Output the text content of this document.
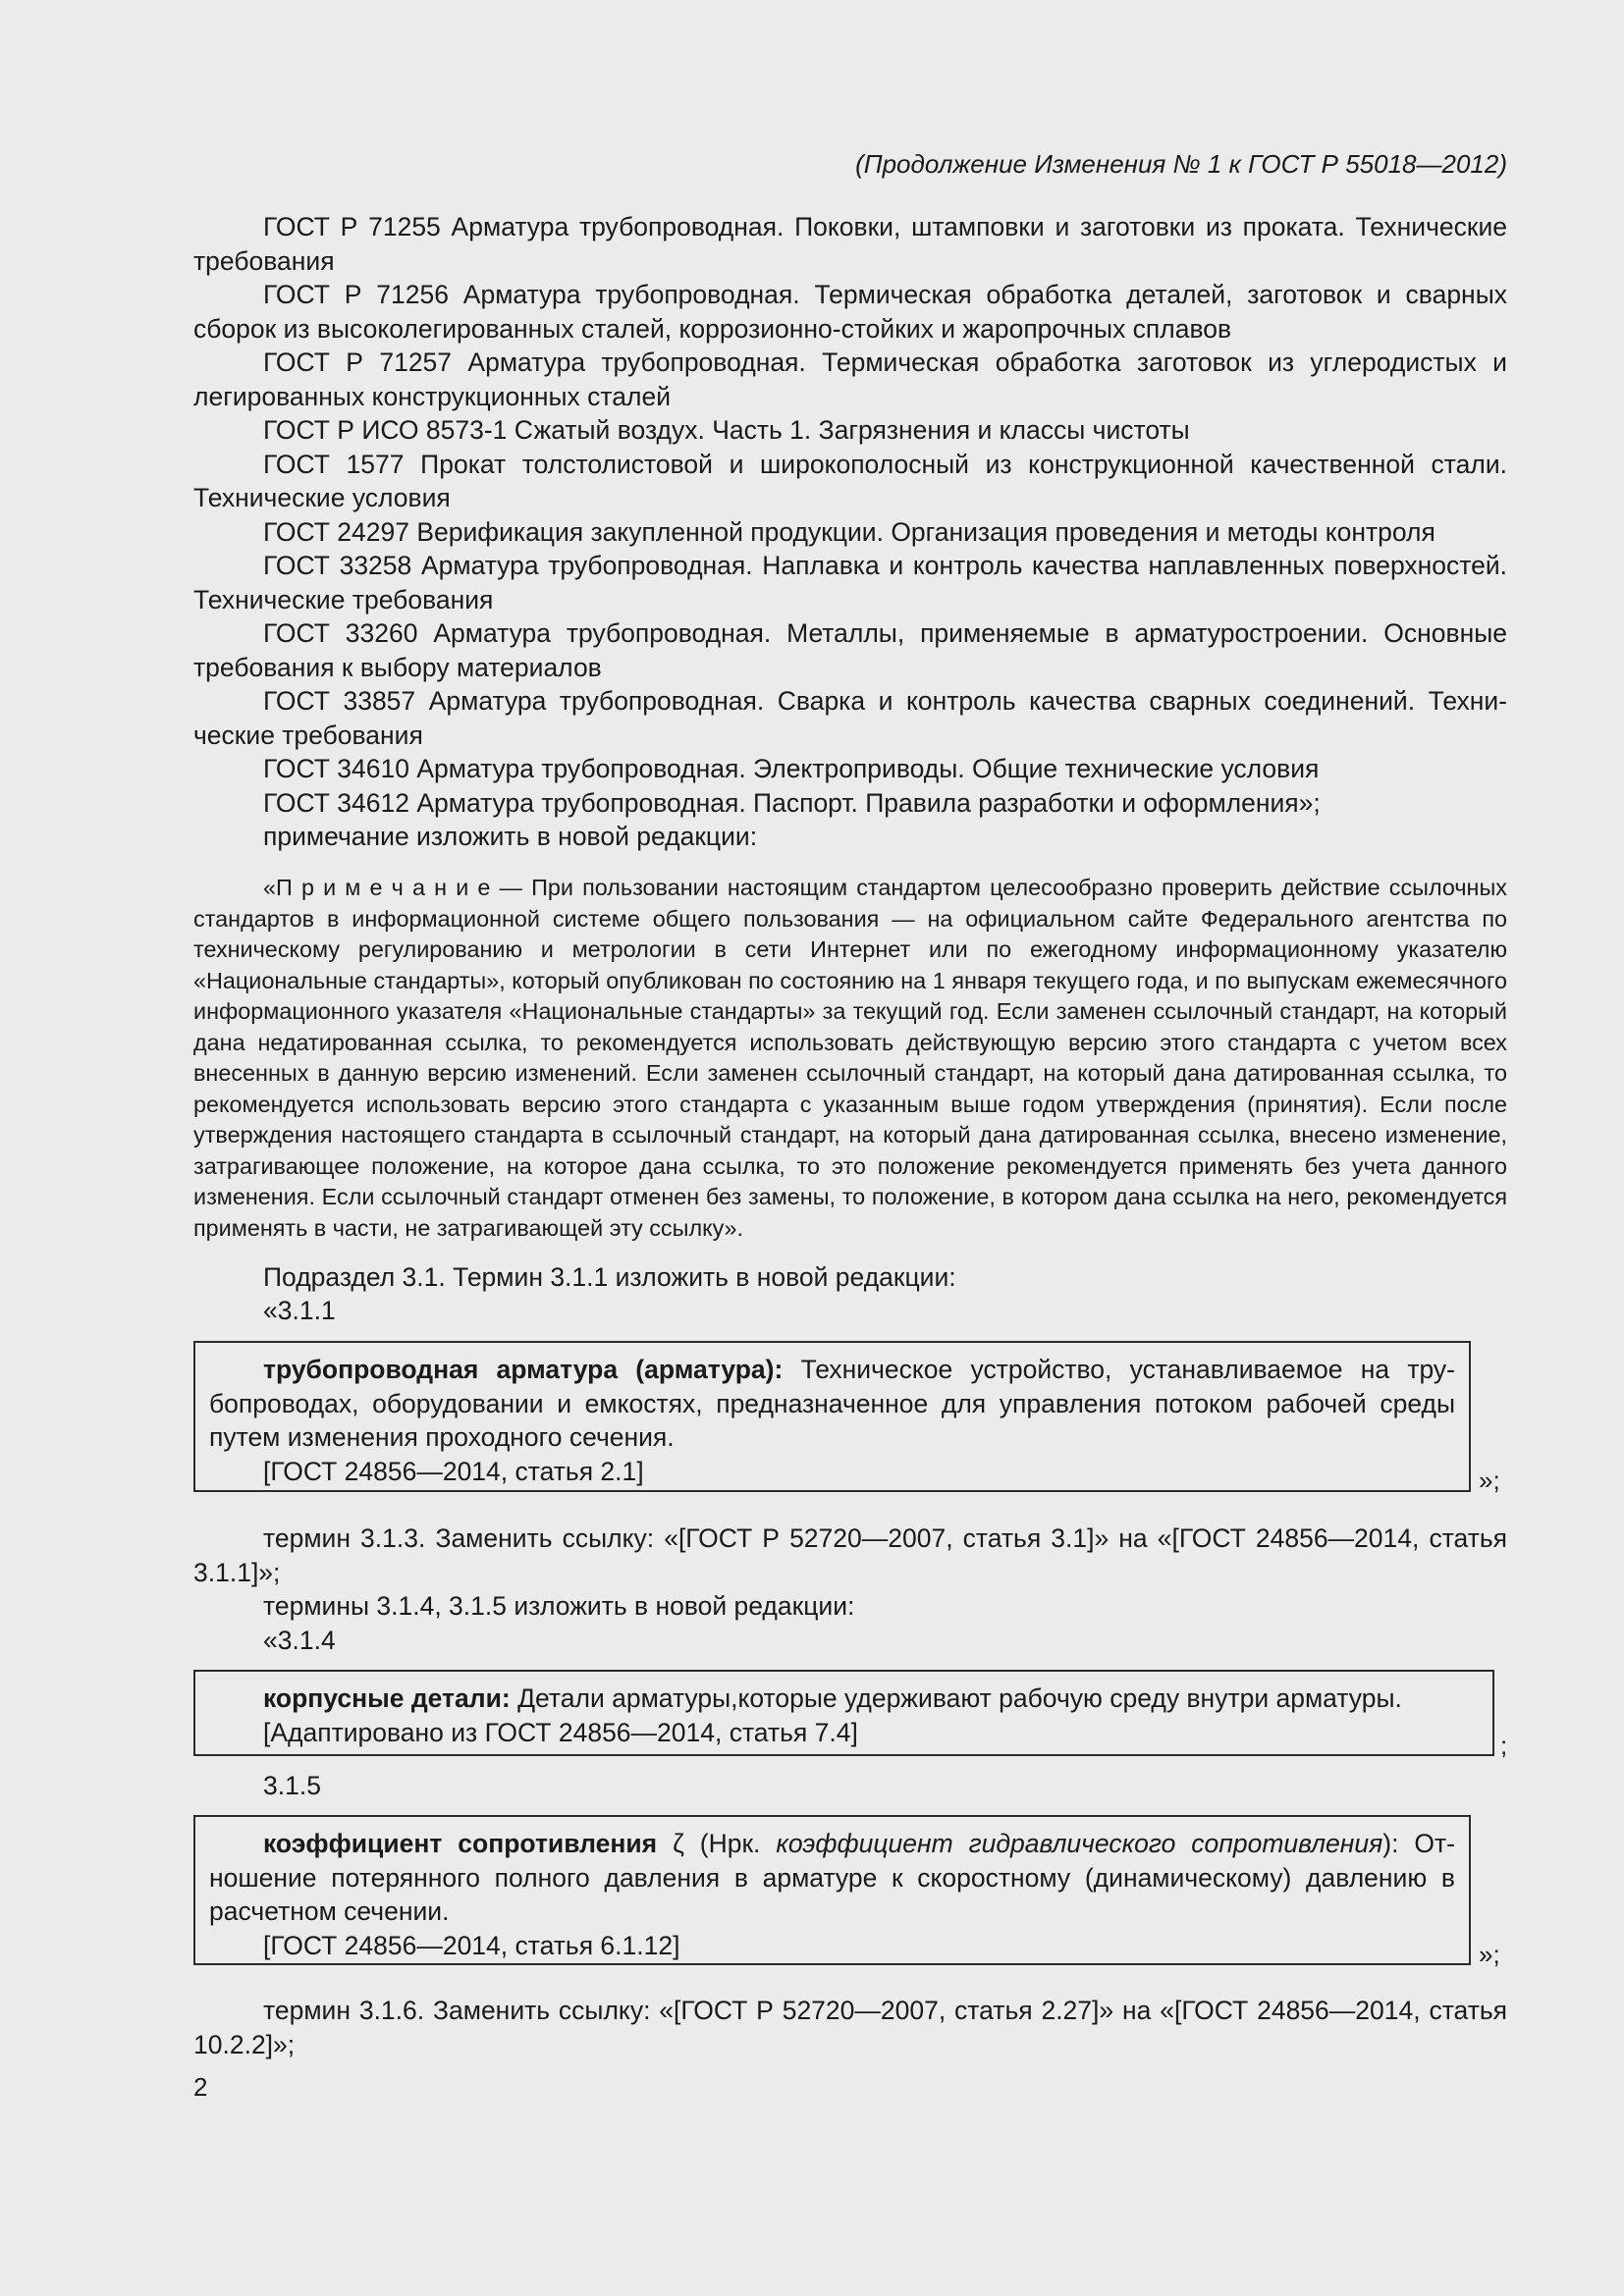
(Продолжение Изменения № 1 к ГОСТ Р 55018—2012)

ГОСТ Р 71255 Арматура трубопроводная. Поковки, штамповки и заготовки из проката. Технические требования

ГОСТ Р 71256 Арматура трубопроводная. Термическая обработка деталей, заготовок и сварных сборок из высоколегированных сталей, коррозионно-стойких и жаропрочных сплавов

ГОСТ Р 71257 Арматура трубопроводная. Термическая обработка заготовок из углеродистых и легированных конструкционных сталей

ГОСТ Р ИСО 8573-1 Сжатый воздух. Часть 1. Загрязнения и классы чистоты

ГОСТ 1577 Прокат толстолистовой и широкополосный из конструкционной качественной стали. Технические условия

ГОСТ 24297 Верификация закупленной продукции. Организация проведения и методы контроля

ГОСТ 33258 Арматура трубопроводная. Наплавка и контроль качества наплавленных поверхностей. Технические требования

ГОСТ 33260 Арматура трубопроводная. Металлы, применяемые в арматуростроении. Основные требования к выбору материалов

ГОСТ 33857 Арматура трубопроводная. Сварка и контроль качества сварных соединений. Технические требования

ГОСТ 34610 Арматура трубопроводная. Электроприводы. Общие технические условия

ГОСТ 34612 Арматура трубопроводная. Паспорт. Правила разработки и оформления»;

примечание изложить в новой редакции:

«П р и м е ч а н и е — При пользовании настоящим стандартом целесообразно проверить действие ссылочных стандартов в информационной системе общего пользования — на официальном сайте Федерального агентства по техническому регулированию и метрологии в сети Интернет или по ежегодному информационному указателю «Национальные стандарты», который опубликован по состоянию на 1 января текущего года, и по выпускам ежемесячного информационного указателя «Национальные стандарты» за текущий год. Если заменен ссылочный стандарт, на который дана недатированная ссылка, то рекомендуется использовать действующую версию этого стандарта с учетом всех внесенных в данную версию изменений. Если заменен ссылочный стандарт, на который дана датированная ссылка, то рекомендуется использовать версию этого стандарта с указанным выше годом утверждения (принятия). Если после утверждения настоящего стандарта в ссылочный стандарт, на который дана датированная ссылка, внесено изменение, затрагивающее положение, на которое дана ссылка, то это положение рекомендуется применять без учета данного изменения. Если ссылочный стандарт отменен без замены, то положение, в котором дана ссылка на него, рекомендуется применять в части, не затрагивающей эту ссылку».

Подраздел 3.1. Термин 3.1.1 изложить в новой редакции:
«3.1.1

трубопроводная арматура (арматура): Техническое устройство, устанавливаемое на трубопроводах, оборудовании и емкостях, предназначенное для управления потоком рабочей среды путем изменения проходного сечения.

[ГОСТ 24856—2014, статья 2.1]	»;

термин 3.1.3. Заменить ссылку: «[ГОСТ Р 52720—2007, статья 3.1]» на «[ГОСТ 24856—2014, статья 3.1.1]»;

термины 3.1.4, 3.1.5 изложить в новой редакции:
«3.1.4

корпусные детали: Детали арматуры,которые удерживают рабочую среду внутри арматуры.

[Адаптировано из ГОСТ 24856—2014, статья 7.4]	;
3.1.5

коэффициент сопротивления ζ (Нрк. коэффициент гидравлического сопротивления): Отношение потерянного полного давления в арматуре к скоростному (динамическому) давлению в расчетном сечении.

[ГОСТ 24856—2014, статья 6.1.12]	»;

термин 3.1.6. Заменить ссылку: «[ГОСТ Р 52720—2007, статья 2.27]» на «[ГОСТ 24856—2014, статья 10.2.2]»;

2
